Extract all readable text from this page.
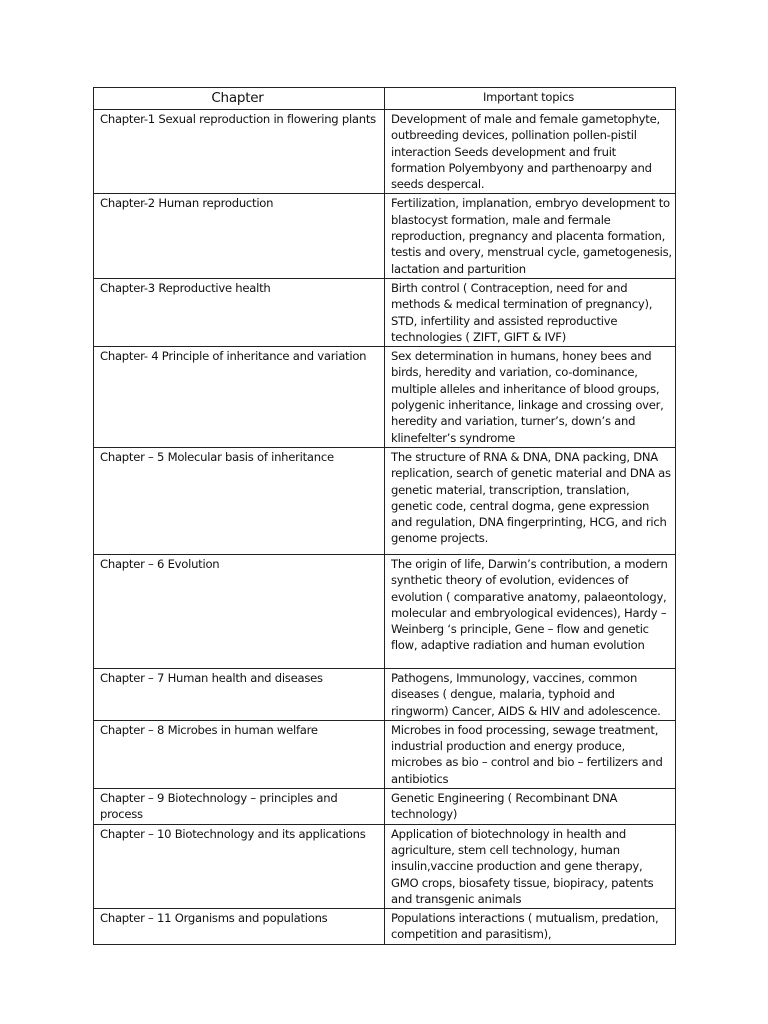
Chapter	Important topics
Chapter-1 Sexual reproduction in flowering plants	Development of male and female gametophyte, outbreeding devices, pollination pollen-pistil interaction Seeds development and fruit formation Polyembyony and parthenoarpy and seeds despercal.
Chapter-2 Human reproduction	Fertilization, implanation, embryo development to blastocyst formation, male and fermale reproduction, pregnancy and placenta formation, testis and overy, menstrual cycle, gametogenesis, lactation and parturition
Chapter-3 Reproductive health	Birth control ( Contraception, need for and methods & medical termination of pregnancy), STD, infertility and assisted reproductive technologies ( ZIFT, GIFT & IVF)
Chapter- 4 Principle of inheritance and variation	Sex determination in humans, honey bees and birds, heredity and variation, co-dominance, multiple alleles and inheritance of blood groups, polygenic inheritance, linkage and crossing over, heredity and variation, turner’s, down’s and klinefelter’s syndrome
Chapter – 5 Molecular basis of inheritance	The structure of RNA & DNA, DNA packing, DNA replication, search of genetic material and DNA as genetic material, transcription, translation, genetic code, central dogma, gene expression and regulation, DNA fingerprinting, HCG, and rich genome projects.
Chapter – 6 Evolution	The origin of life, Darwin’s contribution, a modern synthetic theory of evolution, evidences of evolution ( comparative anatomy, palaeontology, molecular and embryological evidences), Hardy – Weinberg ‘s principle, Gene – flow and genetic flow, adaptive radiation and human evolution
Chapter – 7 Human health and diseases	Pathogens, Immunology, vaccines, common diseases ( dengue, malaria, typhoid and ringworm) Cancer, AIDS & HIV and adolescence.
Chapter – 8 Microbes in human welfare	Microbes in food processing, sewage treatment, industrial production and energy produce, microbes as bio – control and bio – fertilizers and antibiotics
Chapter – 9 Biotechnology – principles and process	Genetic Engineering ( Recombinant DNA technology)
Chapter – 10 Biotechnology and its applications	Application of biotechnology in health and agriculture, stem cell technology, human insulin,vaccine production and gene therapy, GMO crops, biosafety tissue, biopiracy, patents and transgenic animals
Chapter – 11 Organisms and populations	Populations interactions ( mutualism, predation, competition and parasitism),
